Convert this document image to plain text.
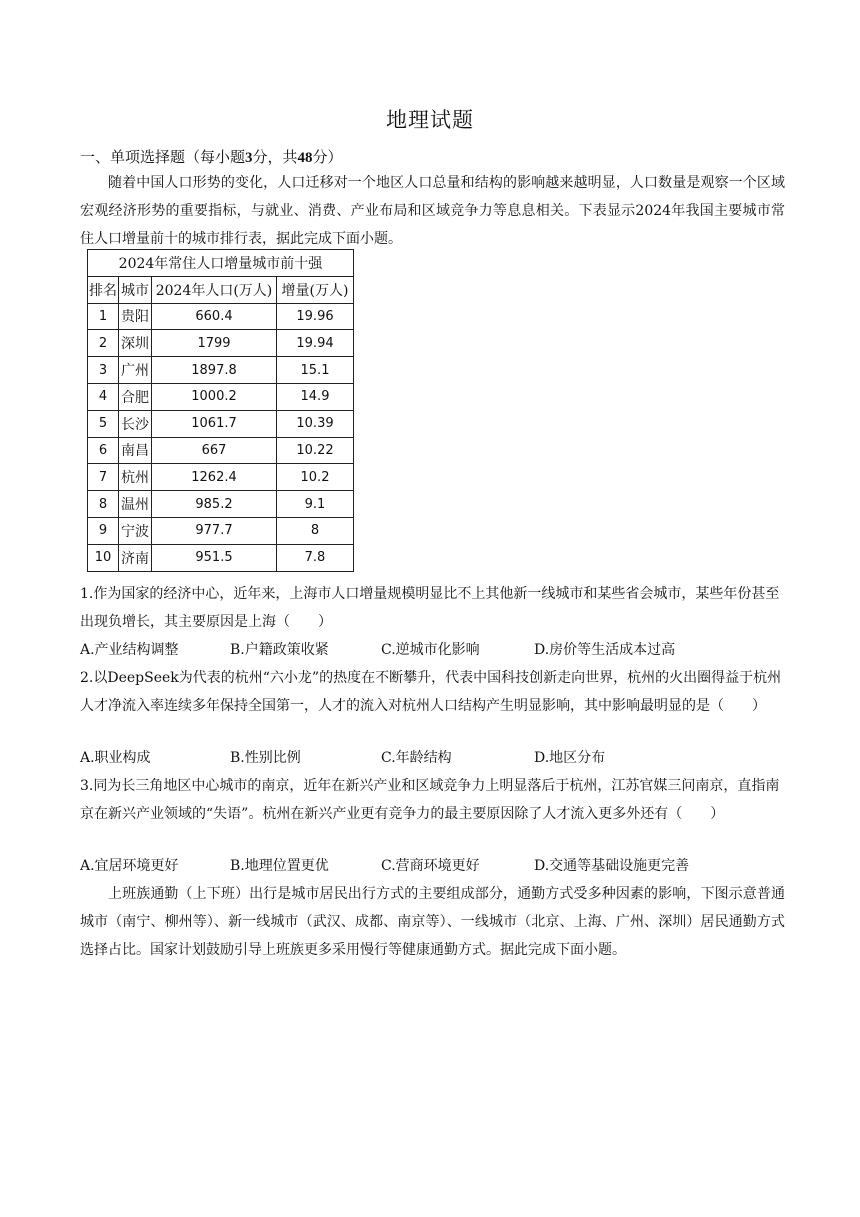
地理试题
一、单项选择题（每小题3分，共48分）
随着中国人口形势的变化，人口迁移对一个地区人口总量和结构的影响越来越明显，人口数量是观察一个区域宏观经济形势的重要指标，与就业、消费、产业布局和区域竞争力等息息相关。下表显示2024年我国主要城市常住人口增量前十的城市排行表，据此完成下面小题。
2024年常住人口增量城市前十强			
排名	城市	2024年人口(万人)	增量(万人)
1	贵阳	660.4	19.96
2	深圳	1799	19.94
3	广州	1897.8	15.1
4	合肥	1000.2	14.9
5	长沙	1061.7	10.39
6	南昌	667	10.22
7	杭州	1262.4	10.2
8	温州	985.2	9.1
9	宁波	977.7	8
10	济南	951.5	7.8
1.作为国家的经济中心，近年来，上海市人口增量规模明显比不上其他新一线城市和某些省会城市，某些年份甚至出现负增长，其主要原因是上海（　　）
A.产业结构调整	B.户籍政策收紧	C.逆城市化影响	D.房价等生活成本过高
2.以DeepSeek为代表的杭州“六小龙”的热度在不断攀升，代表中国科技创新走向世界，杭州的火出圈得益于杭州人才净流入率连续多年保持全国第一，人才的流入对杭州人口结构产生明显影响，其中影响最明显的是（　　）
A.职业构成	B.性别比例	C.年龄结构	D.地区分布
3.同为长三角地区中心城市的南京，近年在新兴产业和区域竞争力上明显落后于杭州，江苏官媒三问南京，直指南京在新兴产业领域的“失语”。杭州在新兴产业更有竞争力的最主要原因除了人才流入更多外还有（　　）
A.宜居环境更好	B.地理位置更优	C.营商环境更好	D.交通等基础设施更完善
上班族通勤（上下班）出行是城市居民出行方式的主要组成部分，通勤方式受多种因素的影响，下图示意普通城市（南宁、柳州等）、新一线城市（武汉、成都、南京等）、一线城市（北京、上海、广州、深圳）居民通勤方式选择占比。国家计划鼓励引导上班族更多采用慢行等健康通勤方式。据此完成下面小题。
